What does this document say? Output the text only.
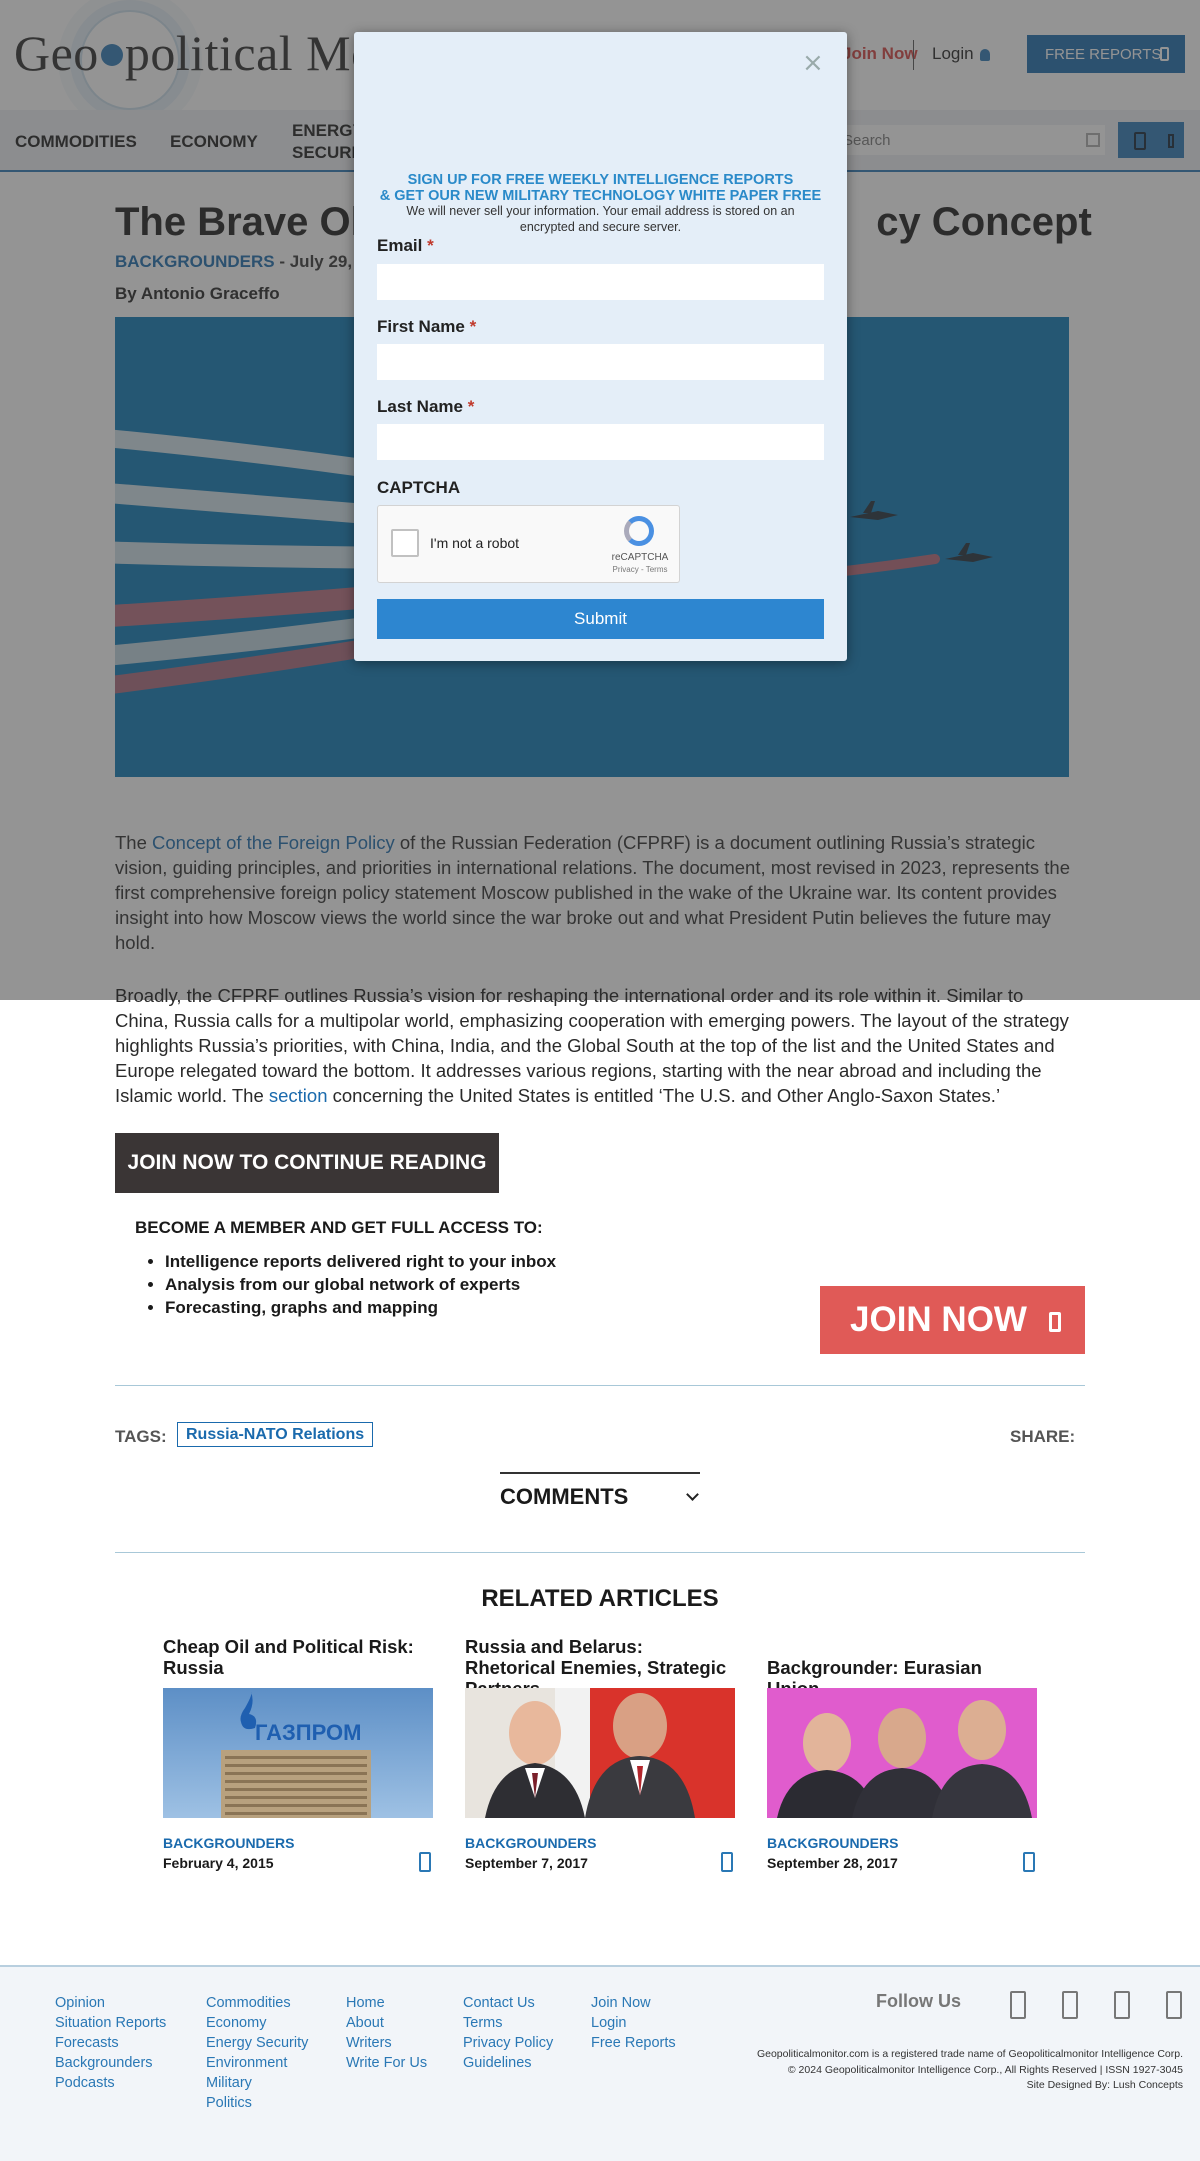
Search

Broadly, the CFPRF outlines Russia’s vision for reshaping the international order and its role within it. Similar to China, Russia calls for a multipolar world, emphasizing cooperation with emerging powers. The layout of the strategy highlights Russia’s priorities, with China, India, and the Global South at the top of the list and the United States and Europe relegated toward the bottom. It addresses various regions, starting with the near abroad and including the Islamic world. The section concerning the United States is entitled ‘The U.S. and Other Anglo-Saxon States.’

×
SIGN UP FOR FREE WEEKLY INTELLIGENCE REPORTS
& GET OUR NEW MILITARY TECHNOLOGY WHITE PAPER FREE
We will never sell your information. Your email address is stored on an encrypted and secure server.
Email *
First Name *
Last Name *
CAPTCHA
I'm not a robot
reCAPTCHA
Privacy - Terms
Submit
JOIN NOW TO CONTINUE READING
BECOME A MEMBER AND GET FULL ACCESS TO:
• Intelligence reports delivered right to your inbox
• Analysis from our global network of experts
• Forecasting, graphs and mapping	JOIN NOW
TAGS:	Russia-NATO Relations	SHARE:
COMMENTS
RELATED ARTICLES
Cheap Oil and Political Risk: Russia
ГАЗПРОМ
BACKGROUNDERS
February 4, 2015
Russia and Belarus: Rhetorical Enemies, Strategic
BACKGROUNDERS
September 7, 2017
Backgrounder: Eurasian
BACKGROUNDERS
September 28, 2017
Opinion
Situation Reports
Forecasts
Backgrounders
Podcasts
Commodities
Economy
Energy Security
Environment
Military
Politics
Home
About
Writers
Write For Us
Contact Us
Terms
Privacy Policy
Guidelines
Join Now
Login
Free Reports
Follow Us
Geopoliticalmonitor.com is a registered trade name of Geopoliticalmonitor Intelligence Corp.
© 2024 Geopoliticalmonitor Intelligence Corp., All Rights Reserved | ISSN 1927-3045
Site Designed By: Lush Concepts
